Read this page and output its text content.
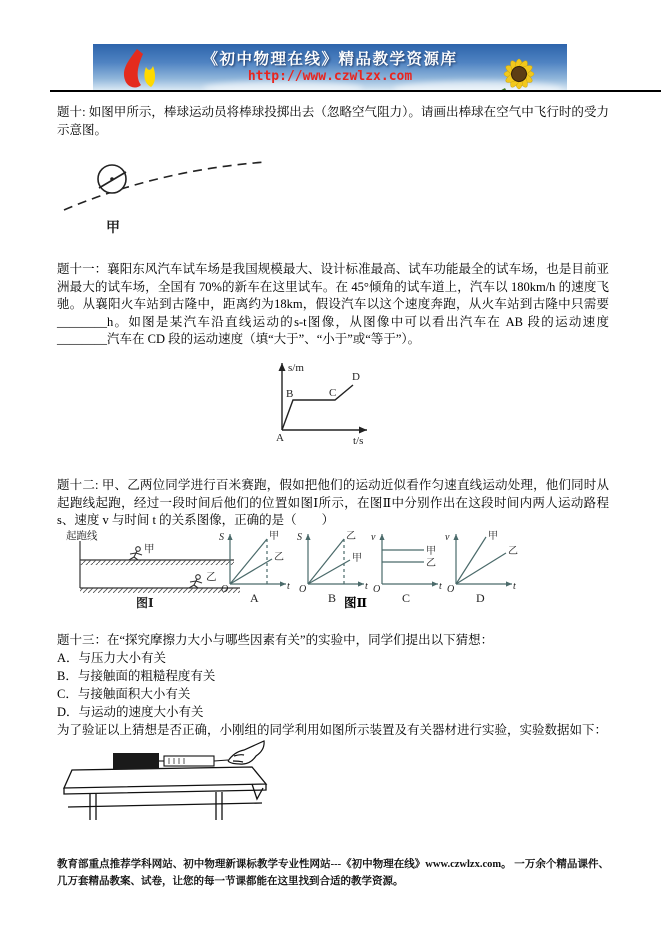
《初中物理在线》精品教学资源库
http://www.czwlzx.com

题十: 如图甲所示，棒球运动员将棒球投掷出去（忽略空气阻力）。请画出棒球在空气中飞行时的受力示意图。

甲

题十一：襄阳东风汽车试车场是我国规模最大、设计标准最高、试车功能最全的试车场，也是目前亚洲最大的试车场，全国有 70%的新车在这里试车。在 45°倾角的试车道上，汽车以 180km/h 的速度飞驰。从襄阳火车站到古隆中，距离约为18km，假设汽车以这个速度奔跑，从火车站到古隆中只需要________h。如图是某汽车沿直线运动的s-t图像，从图像中可以看出汽车在 AB 段的运动速度________汽车在 CD 段的运动速度（填“大于”、“小于”或“等于”）。

s/m
t/s
A
B	C
D

题十二: 甲、乙两位同学进行百米赛跑，假如把他们的运动近似看作匀速直线运动处理，他们同时从起跑线起跑，经过一段时间后他们的位置如图Ⅰ所示，在图Ⅱ中分别作出在这段时间内两人运动路程 s、速度 v 与时间 t 的关系图像，正确的是（　　）

起跑线
甲
乙
图Ⅰ
S
t
O
甲
乙
A
S
t
O
乙
甲
B
v
t
O
甲
乙
C
v
t
O
甲
乙
D

图Ⅱ

题十三：在“探究摩擦力大小与哪些因素有关”的实验中，同学们提出以下猜想：

A．与压力大小有关

B．与接触面的粗糙程度有关

C．与接触面积大小有关

D．与运动的速度大小有关

为了验证以上猜想是否正确，小刚组的同学利用如图所示装置及有关器材进行实验，实验数据如下：

教育部重点推荐学科网站、初中物理新课标教学专业性网站---《初中物理在线》www.czwlzx.com。 一万余个精品课件、几万套精品教案、试卷，让您的每一节课都能在这里找到合适的教学资源。
